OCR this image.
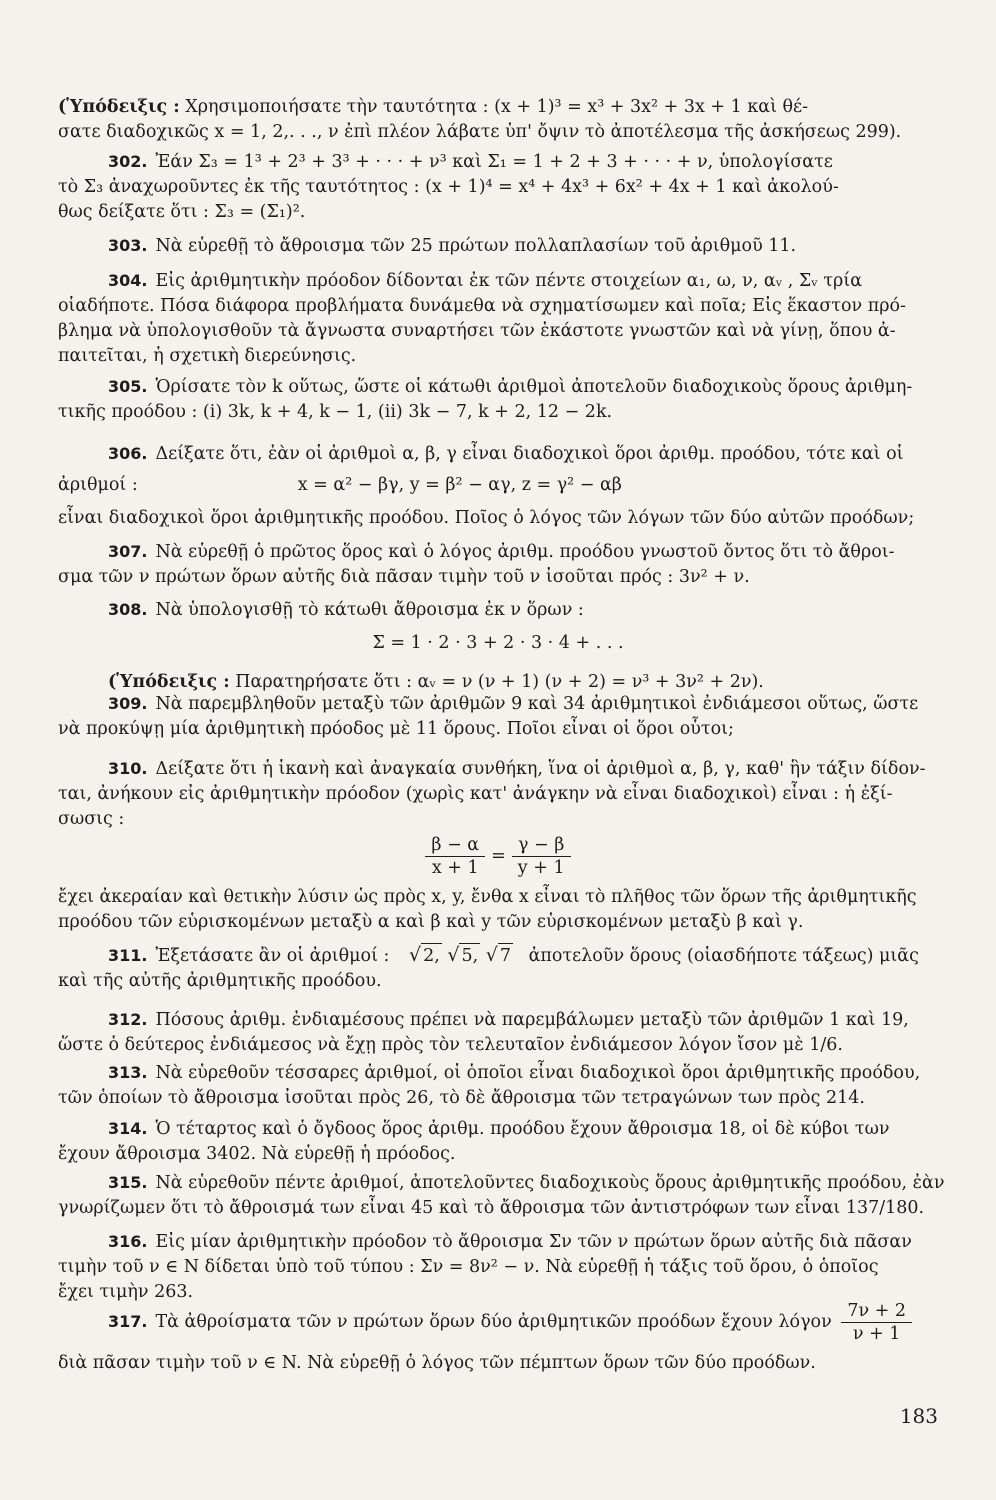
(Ὑπόδειξις : Χρησιμοποιήσατε τὴν ταυτότητα : (x + 1)³ = x³ + 3x² + 3x + 1 καὶ θέ-
σατε διαδοχικῶς x = 1, 2,. . ., ν ἐπὶ πλέον λάβατε ὑπ' ὄψιν τὸ ἀποτέλεσμα τῆς ἀσκήσεως 299).
302. Ἐάν Σ₃ = 1³ + 2³ + 3³ + · · · + ν³ καὶ Σ₁ = 1 + 2 + 3 + · · · + ν, ὑπολογίσατε
τὸ Σ₃ ἀναχωροῦντες ἐκ τῆς ταυτότητος : (x + 1)⁴ = x⁴ + 4x³ + 6x² + 4x + 1 καὶ ἀκολού-
θως δείξατε ὅτι : Σ₃ = (Σ₁)².
303. Νὰ εὑρεθῇ τὸ ἄθροισμα τῶν 25 πρώτων πολλαπλασίων τοῦ ἀριθμοῦ 11.
304. Εἰς ἀριθμητικὴν πρόοδον δίδονται ἐκ τῶν πέντε στοιχείων α₁, ω, ν, αᵥ , Σᵥ τρία
οἱαδήποτε. Πόσα διάφορα προβλήματα δυνάμεθα νὰ σχηματίσωμεν καὶ ποῖα; Εἰς ἕκαστον πρό-
βλημα νὰ ὑπολογισθοῦν τὰ ἄγνωστα συναρτήσει τῶν ἑκάστοτε γνωστῶν καὶ νὰ γίνῃ, ὅπου ἀ-
παιτεῖται, ἡ σχετικὴ διερεύνησις.
305. Ὁρίσατε τὸν k οὕτως, ὥστε οἱ κάτωθι ἀριθμοὶ ἀποτελοῦν διαδοχικοὺς ὅρους ἀριθμη-
τικῆς προόδου : (i) 3k, k + 4, k − 1, (ii) 3k − 7, k + 2, 12 − 2k.
306. Δείξατε ὅτι, ἐὰν οἱ ἀριθμοὶ α, β, γ εἶναι διαδοχικοὶ ὅροι ἀριθμ. προόδου, τότε καὶ οἱ
ἀριθμοί :	x = α² − βγ, y = β² − αγ, z = γ² − αβ
εἶναι διαδοχικοὶ ὅροι ἀριθμητικῆς προόδου. Ποῖος ὁ λόγος τῶν λόγων τῶν δύο αὐτῶν προόδων;
307. Νὰ εὑρεθῇ ὁ πρῶτος ὅρος καὶ ὁ λόγος ἀριθμ. προόδου γνωστοῦ ὄντος ὅτι τὸ ἄθροι-
σμα τῶν ν πρώτων ὅρων αὐτῆς διὰ πᾶσαν τιμὴν τοῦ ν ἰσοῦται πρός : 3ν² + ν.
308. Νὰ ὑπολογισθῇ τὸ κάτωθι ἄθροισμα ἐκ ν ὅρων :
Σ = 1 · 2 · 3 + 2 · 3 · 4 + . . .
(Ὑπόδειξις : Παρατηρήσατε ὅτι : αᵥ = ν (ν + 1) (ν + 2) = ν³ + 3ν² + 2ν).
309. Νὰ παρεμβληθοῦν μεταξὺ τῶν ἀριθμῶν 9 καὶ 34 ἀριθμητικοὶ ἐνδιάμεσοι οὕτως, ὥστε
νὰ προκύψῃ μία ἀριθμητικὴ πρόοδος μὲ 11 ὅρους. Ποῖοι εἶναι οἱ ὅροι οὗτοι;
310. Δείξατε ὅτι ἡ ἱκανὴ καὶ ἀναγκαία συνθήκη, ἵνα οἱ ἀριθμοὶ α, β, γ, καθ' ἣν τάξιν δίδον-
ται, ἀνήκουν εἰς ἀριθμητικὴν πρόοδον (χωρὶς κατ' ἀνάγκην νὰ εἶναι διαδοχικοὶ) εἶναι : ἡ ἐξί-
σωσις :
$\frac{\beta - \alpha}{x + 1} = \frac{\gamma - \beta}{y + 1}$
ἔχει ἀκεραίαν καὶ θετικὴν λύσιν ὡς πρὸς x, y, ἔνθα x εἶναι τὸ πλῆθος τῶν ὅρων τῆς ἀριθμητικῆς
προόδου τῶν εὑρισκομένων μεταξὺ α καὶ β καὶ y τῶν εὑρισκομένων μεταξὺ β καὶ γ.
311. Ἐξετάσατε ἂν οἱ ἀριθμοί : √ 2, √ 5, √ 7 ἀποτελοῦν ὅρους (οἱασδήποτε τάξεως) μιᾶς
καὶ τῆς αὐτῆς ἀριθμητικῆς προόδου.
312. Πόσους ἀριθμ. ἐνδιαμέσους πρέπει νὰ παρεμβάλωμεν μεταξὺ τῶν ἀριθμῶν 1 καὶ 19,
ὥστε ὁ δεύτερος ἐνδιάμεσος νὰ ἔχῃ πρὸς τὸν τελευταῖον ἐνδιάμεσον λόγον ἴσον μὲ 1/6.
313. Νὰ εὑρεθοῦν τέσσαρες ἀριθμοί, οἱ ὁποῖοι εἶναι διαδοχικοὶ ὅροι ἀριθμητικῆς προόδου,
τῶν ὁποίων τὸ ἄθροισμα ἰσοῦται πρὸς 26, τὸ δὲ ἄθροισμα τῶν τετραγώνων των πρὸς 214.
314. Ὁ τέταρτος καὶ ὁ ὄγδοος ὅρος ἀριθμ. προόδου ἔχουν ἄθροισμα 18, οἱ δὲ κύβοι των
ἔχουν ἄθροισμα 3402. Νὰ εὑρεθῇ ἡ πρόοδος.
315. Νὰ εὑρεθοῦν πέντε ἀριθμοί, ἀποτελοῦντες διαδοχικοὺς ὅρους ἀριθμητικῆς προόδου, ἐὰν
γνωρίζωμεν ὅτι τὸ ἄθροισμά των εἶναι 45 καὶ τὸ ἄθροισμα τῶν ἀντιστρόφων των εἶναι 137/180.
316. Εἰς μίαν ἀριθμητικὴν πρόοδον τὸ ἄθροισμα Σν τῶν ν πρώτων ὅρων αὐτῆς διὰ πᾶσαν
τιμὴν τοῦ ν ∈ N δίδεται ὑπὸ τοῦ τύπου : Σν = 8ν² − ν. Νὰ εὑρεθῇ ἡ τάξις τοῦ ὅρου, ὁ ὁποῖος
ἔχει τιμὴν 263.
317. Τὰ ἀθροίσματα τῶν ν πρώτων ὅρων δύο ἀριθμητικῶν προόδων ἔχουν λόγον $\frac{7\nu + 2}{\nu + 1}$
διὰ πᾶσαν τιμὴν τοῦ ν ∈ N. Νὰ εὑρεθῇ ὁ λόγος τῶν πέμπτων ὅρων τῶν δύο προόδων.
183
